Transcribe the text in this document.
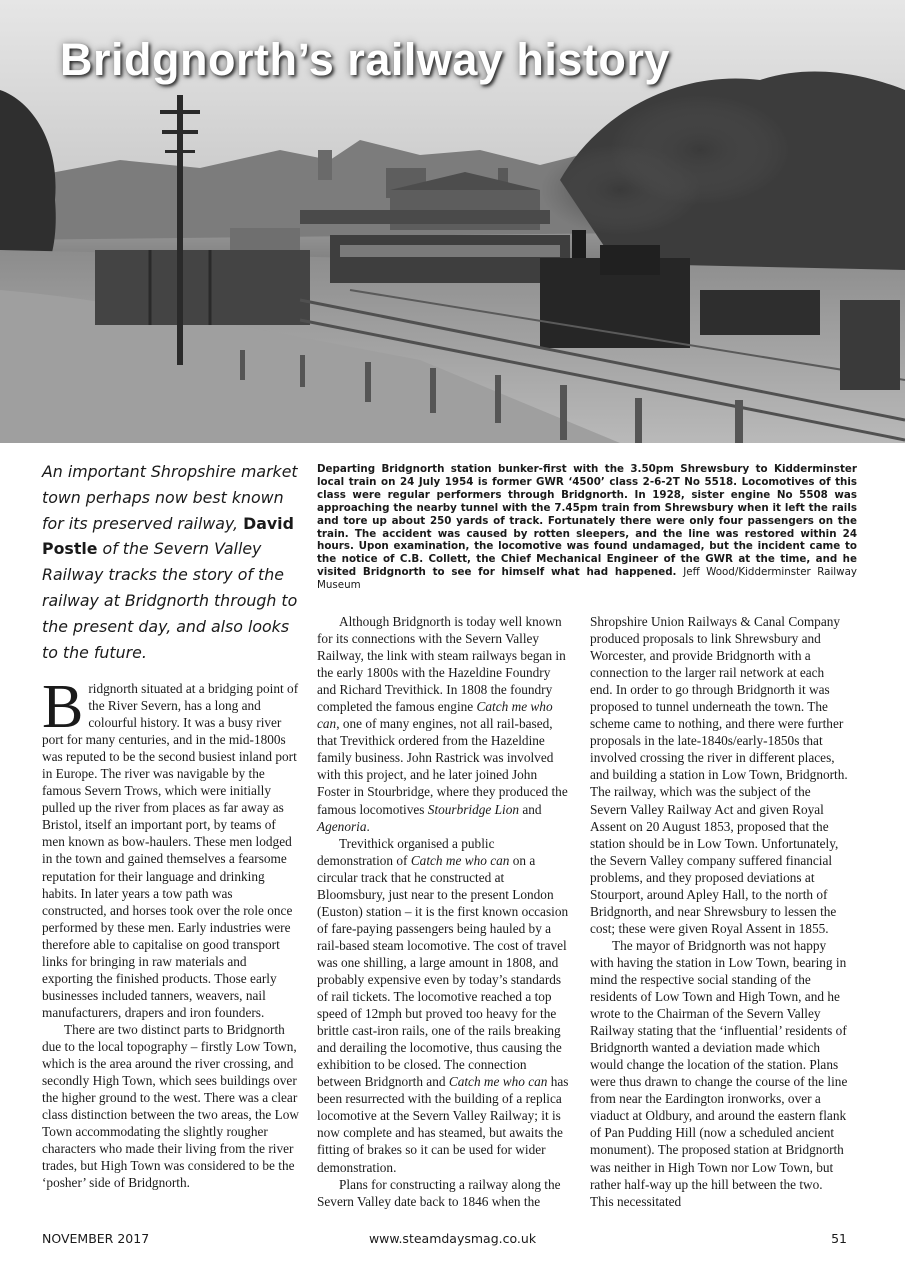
Bridgnorth’s railway history
An important Shropshire market town perhaps now best known for its preserved railway, David Postle of the Severn Valley Railway tracks the story of the railway at Bridgnorth through to the present day, and also looks to the future.
Departing Bridgnorth station bunker-first with the 3.50pm Shrewsbury to Kidderminster local train on 24 July 1954 is former GWR ‘4500’ class 2-6-2T No 5518. Locomotives of this class were regular performers through Bridgnorth. In 1928, sister engine No 5508 was approaching the nearby tunnel with the 7.45pm train from Shrewsbury when it left the rails and tore up about 250 yards of track. Fortunately there were only four passengers on the train. The accident was caused by rotten sleepers, and the line was restored within 24 hours. Upon examination, the locomotive was found undamaged, but the incident came to the notice of C.B. Collett, the Chief Mechanical Engineer of the GWR at the time, and he visited Bridgnorth to see for himself what had happened. Jeff Wood/Kidderminster Railway Museum

Bridgnorth situated at a bridging point of the River Severn, has a long and colourful history. It was a busy river port for many centuries, and in the mid-1800s was reputed to be the second busiest inland port in Europe. The river was navigable by the famous Severn Trows, which were initially pulled up the river from places as far away as Bristol, itself an important port, by teams of men known as bow-haulers. These men lodged in the town and gained themselves a fearsome reputation for their language and drinking habits. In later years a tow path was constructed, and horses took over the role once performed by these men. Early industries were therefore able to capitalise on good transport links for bringing in raw materials and exporting the finished products. Those early businesses included tanners, weavers, nail manufacturers, drapers and iron founders.

There are two distinct parts to Bridgnorth due to the local topography – firstly Low Town, which is the area around the river crossing, and secondly High Town, which sees buildings over the higher ground to the west. There was a clear class distinction between the two areas, the Low Town accommodating the slightly rougher characters who made their living from the river trades, but High Town was considered to be the ‘posher’ side of Bridgnorth.

Although Bridgnorth is today well known for its connections with the Severn Valley Railway, the link with steam railways began in the early 1800s with the Hazeldine Foundry and Richard Trevithick. In 1808 the foundry completed the famous engine Catch me who can, one of many engines, not all rail-based, that Trevithick ordered from the Hazeldine family business. John Rastrick was involved with this project, and he later joined John Foster in Stourbridge, where they produced the famous locomotives Stourbridge Lion and Agenoria.

Trevithick organised a public demonstration of Catch me who can on a circular track that he constructed at Bloomsbury, just near to the present London (Euston) station – it is the first known occasion of fare-paying passengers being hauled by a rail-based steam locomotive. The cost of travel was one shilling, a large amount in 1808, and probably expensive even by today’s standards of rail tickets. The locomotive reached a top speed of 12mph but proved too heavy for the brittle cast-iron rails, one of the rails breaking and derailing the locomotive, thus causing the exhibition to be closed. The connection between Bridgnorth and Catch me who can has been resurrected with the building of a replica locomotive at the Severn Valley Railway; it is now complete and has steamed, but awaits the fitting of brakes so it can be used for wider demonstration.

Plans for constructing a railway along the Severn Valley date back to 1846 when the

Shropshire Union Railways & Canal Company produced proposals to link Shrewsbury and Worcester, and provide Bridgnorth with a connection to the larger rail network at each end. In order to go through Bridgnorth it was proposed to tunnel underneath the town. The scheme came to nothing, and there were further proposals in the late-1840s/early-1850s that involved crossing the river in different places, and building a station in Low Town, Bridgnorth. The railway, which was the subject of the Severn Valley Railway Act and given Royal Assent on 20 August 1853, proposed that the station should be in Low Town. Unfortunately, the Severn Valley company suffered financial problems, and they proposed deviations at Stourport, around Apley Hall, to the north of Bridgnorth, and near Shrewsbury to lessen the cost; these were given Royal Assent in 1855.

The mayor of Bridgnorth was not happy with having the station in Low Town, bearing in mind the respective social standing of the residents of Low Town and High Town, and he wrote to the Chairman of the Severn Valley Railway stating that the ‘influential’ residents of Bridgnorth wanted a deviation made which would change the location of the station. Plans were thus drawn to change the course of the line from near the Eardington ironworks, over a viaduct at Oldbury, and around the eastern flank of Pan Pudding Hill (now a scheduled ancient monument). The proposed station at Bridgnorth was neither in High Town nor Low Town, but rather half-way up the hill between the two. This necessitated

NOVEMBER 2017	www.steamdaysmag.co.uk	51
